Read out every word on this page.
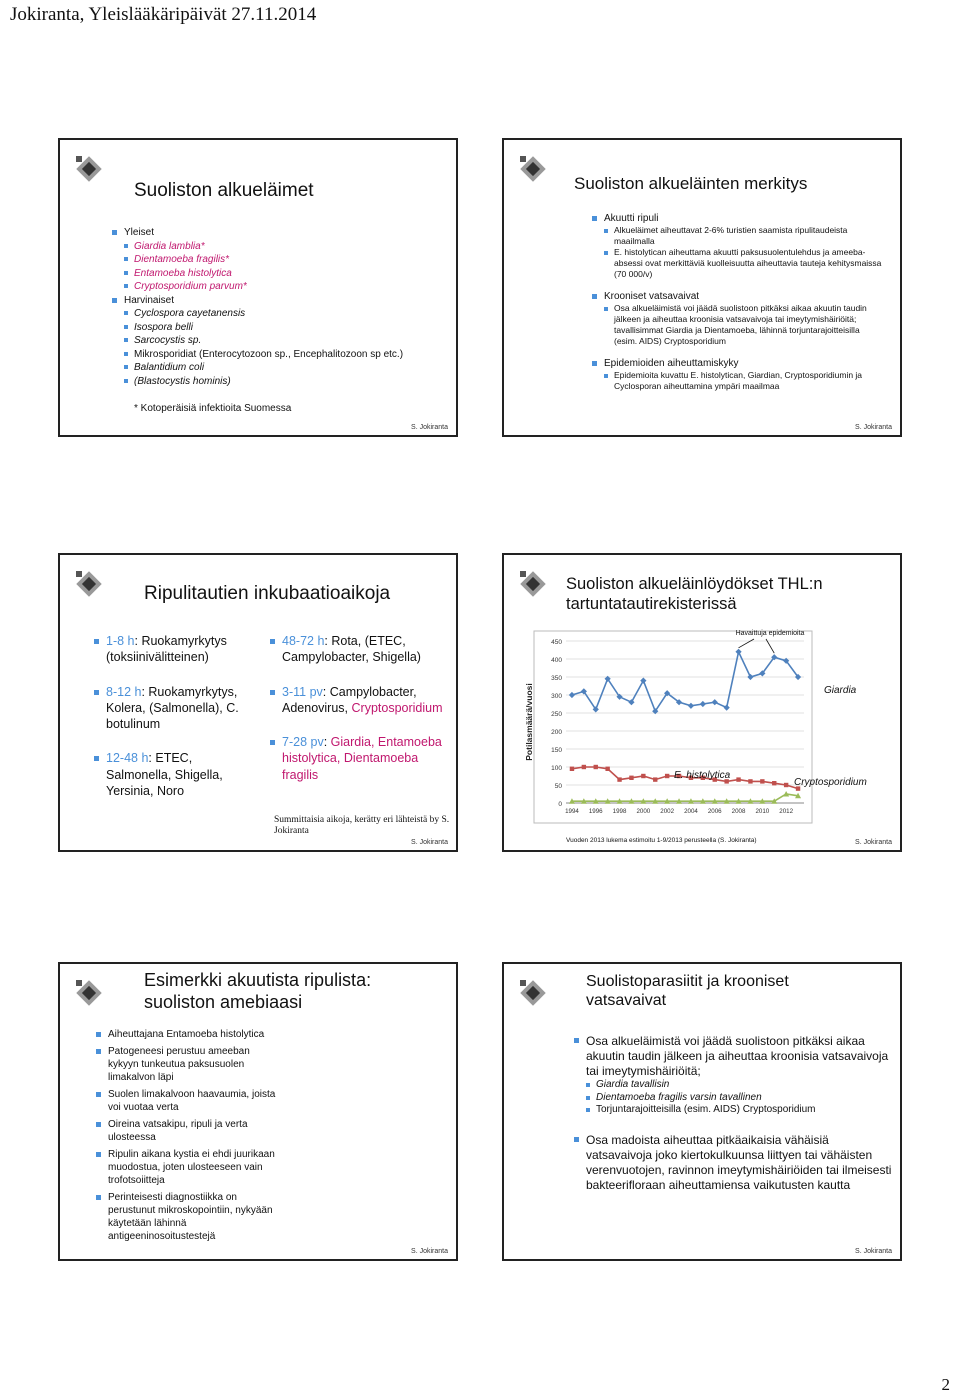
Jokiranta, Yleislääkäripäivät 27.11.2014
Suoliston alkueläimet
Yleiset
Giardia lamblia*
Dientamoeba fragilis*
Entamoeba histolytica
Cryptosporidium parvum*
Harvinaiset
Cyclospora cayetanensis
Isospora belli
Sarcocystis sp.
Mikrosporidiat (Enterocytozoon sp., Encephalitozoon sp etc.)
Balantidium coli
(Blastocystis hominis)
* Kotoperäisiä infektioita Suomessa
S. Jokiranta
Suoliston alkueläinten merkitys
Akuutti ripuli
Alkueläimet aiheuttavat 2-6% turistien saamista ripulitaudeista maailmalla
E. histolytican aiheuttama akuutti paksusuolentulehdus ja ameeba-absessi ovat merkittäviä kuolleisuutta aiheuttavia tauteja kehitysmaissa (70 000/v)
Krooniset vatsavaivat
Osa alkueläimistä voi jäädä suolistoon pitkäksi aikaa akuutin taudin jälkeen ja aiheuttaa kroonisia vatsavaivoja tai imeytymishäiriöitä; tavallisimmat Giardia ja Dientamoeba, lähinnä torjuntarajoitteisilla (esim. AIDS) Cryptosporidium
Epidemioiden aiheuttamiskyky
Epidemioita kuvattu E. histolytican, Giardian, Cryptosporidiumin ja Cyclosporan aiheuttamina ympäri maailmaa
S. Jokiranta
Ripulitautien inkubaatioaikoja
1-8 h: Ruokamyrkytys (toksiinivälitteinen)
8-12 h: Ruokamyrkytys, Kolera, (Salmonella), C. botulinum
12-48 h: ETEC, Salmonella, Shigella, Yersinia, Noro
48-72 h: Rota, (ETEC, Campylobacter, Shigella)
3-11 pv: Campylobacter, Adenovirus, Cryptosporidium
7-28 pv: Giardia, Entamoeba histolytica, Dientamoeba fragilis
Summittaisia aikoja, kerätty eri lähteistä by S. Jokiranta
S. Jokiranta
Suoliston alkueläinlöydökset THL:n tartuntatautirekisterissä
0
50
100
150
200
250
300
350
400
450
1994 1996 1998 2000 2002 2004 2006 2008 2010 2012
Potilasmäärä/vuosi	Giardia
E. histolytica
Cryptosporidium
Havaittuja epidemioita
Vuoden 2013 lukema estimoitu 1-9/2013 perusteella (S. Jokiranta)	S. Jokiranta
Esimerkki akuutista ripulista: suoliston amebiaasi
Aiheuttajana Entamoeba histolytica
Patogeneesi perustuu ameeban kykyyn tunkeutua paksusuolen limakalvon läpi
Suolen limakalvoon haavaumia, joista voi vuotaa verta
Oireina vatsakipu, ripuli ja verta ulosteessa
Ripulin aikana kystia ei ehdi juurikaan muodostua, joten ulosteeseen vain trofotsoiitteja
Perinteisesti diagnostiikka on perustunut mikroskopointiin, nykyään käytetään lähinnä antigeeninosoitustestejä
S. Jokiranta
Suolistoparasiitit ja krooniset vatsavaivat
Osa alkueläimistä voi jäädä suolistoon pitkäksi aikaa akuutin taudin jälkeen ja aiheuttaa kroonisia vatsavaivoja tai imeytymishäiriöitä;
Giardia tavallisin
Dientamoeba fragilis varsin tavallinen
Torjuntarajoitteisilla (esim. AIDS) Cryptosporidium
Osa madoista aiheuttaa pitkäaikaisia vähäisiä vatsavaivoja joko kiertokulkuunsa liittyen tai vähäisten verenvuotojen, ravinnon imeytymishäiriöiden tai ilmeisesti bakteerifloraan aiheuttamiensa vaikutusten kautta
S. Jokiranta
2
